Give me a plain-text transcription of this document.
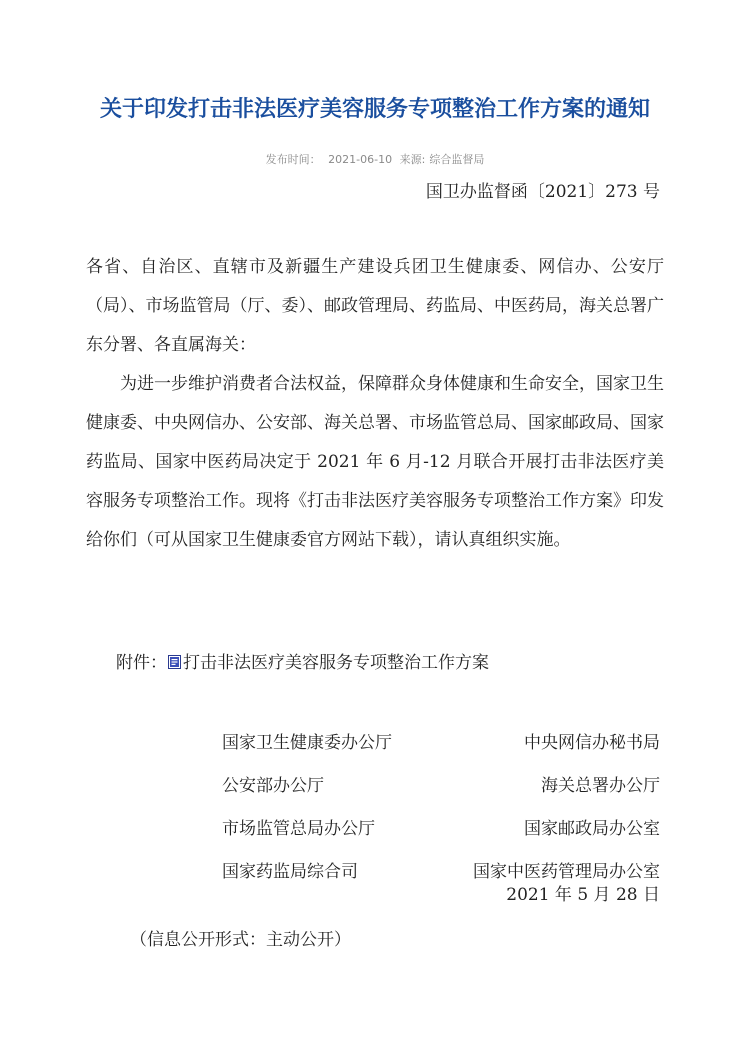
关于印发打击非法医疗美容服务专项整治工作方案的通知
发布时间： 2021-06-10 来源: 综合监督局
国卫办监督函〔2021〕273 号

各省、自治区、直辖市及新疆生产建设兵团卫生健康委、网信办、公安厅（局）、市场监管局（厅、委）、邮政管理局、药监局、中医药局，海关总署广东分署、各直属海关：

为进一步维护消费者合法权益，保障群众身体健康和生命安全，国家卫生健康委、中央网信办、公安部、海关总署、市场监管总局、国家邮政局、国家药监局、国家中医药局决定于 2021 年 6 月-12 月联合开展打击非法医疗美容服务专项整治工作。现将《打击非法医疗美容服务专项整治工作方案》印发给你们（可从国家卫生健康委官方网站下载），请认真组织实施。

附件： 打击非法医疗美容服务专项整治工作方案
国家卫生健康委办公厅	中央网信办秘书局
公安部办公厅	海关总署办公厅
市场监管总局办公厅	国家邮政局办公室
国家药监局综合司	国家中医药管理局办公室
2021 年 5 月 28 日
（信息公开形式：主动公开）
